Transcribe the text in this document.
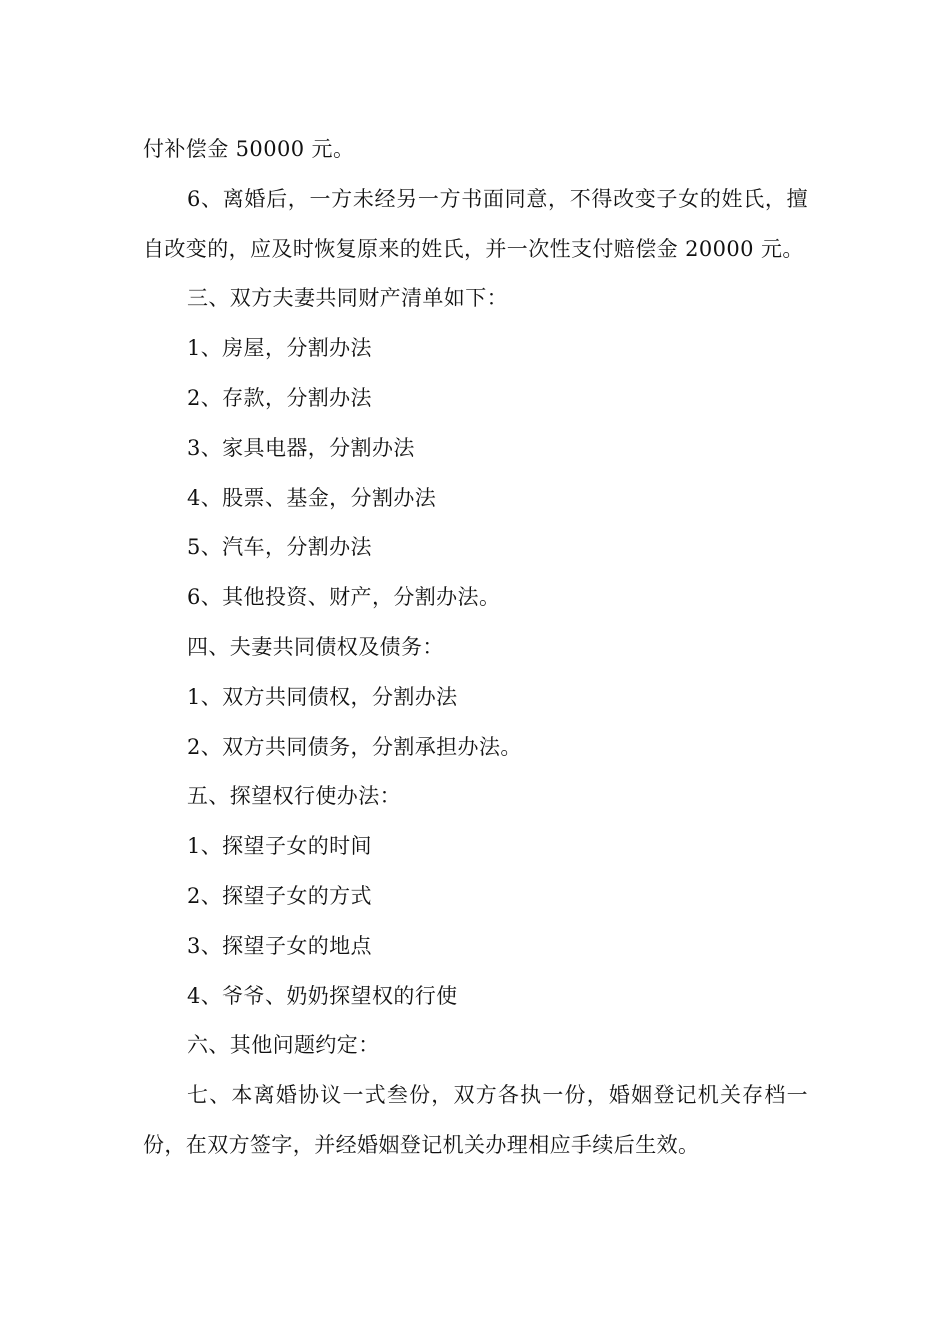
付补偿金 50000 元。

6、离婚后，一方未经另一方书面同意，不得改变子女的姓氏，擅自改变的，应及时恢复原来的姓氏，并一次性支付赔偿金 20000 元。

三、双方夫妻共同财产清单如下：

1、房屋，分割办法

2、存款，分割办法

3、家具电器，分割办法

4、股票、基金，分割办法

5、汽车，分割办法

6、其他投资、财产，分割办法。

四、夫妻共同债权及债务：

1、双方共同债权，分割办法

2、双方共同债务，分割承担办法。

五、探望权行使办法：

1、探望子女的时间

2、探望子女的方式

3、探望子女的地点

4、爷爷、奶奶探望权的行使

六、其他问题约定：

七、本离婚协议一式叁份，双方各执一份，婚姻登记机关存档一份，在双方签字，并经婚姻登记机关办理相应手续后生效。
